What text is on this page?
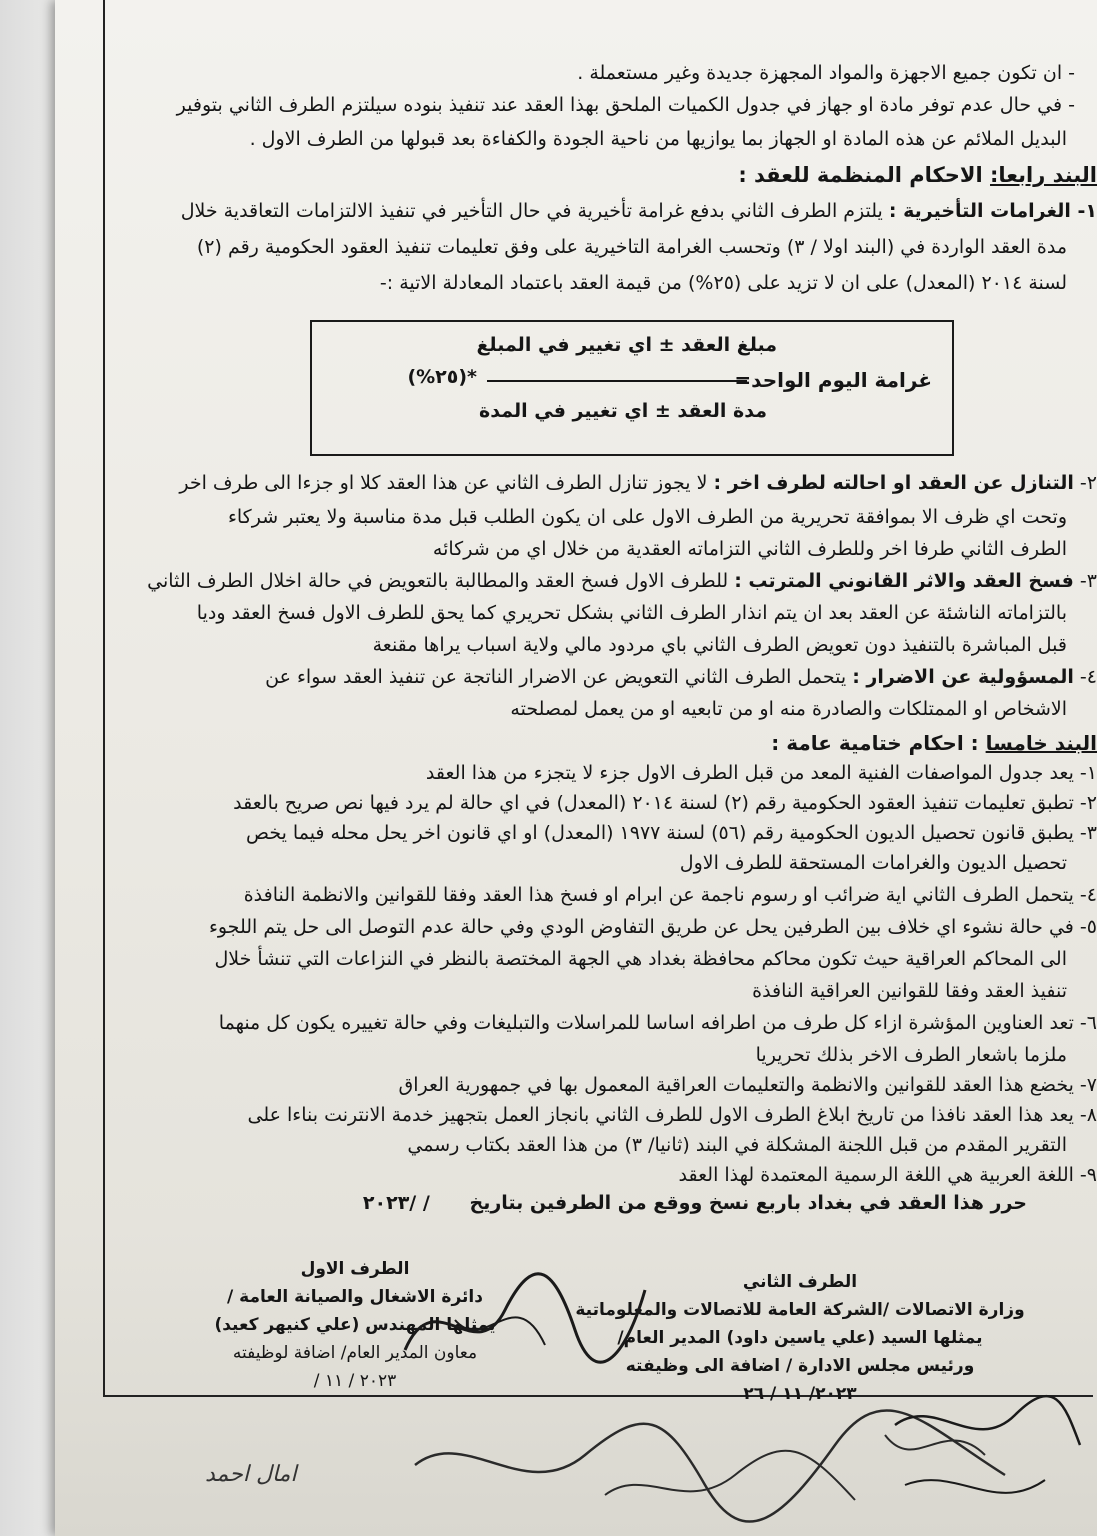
- ان تكون جميع الاجهزة والمواد المجهزة جديدة وغير مستعملة .
- في حال عدم توفر مادة او جهاز في جدول الكميات الملحق بهذا العقد عند تنفيذ بنوده سيلتزم الطرف الثاني بتوفير
البديل الملائم عن هذه المادة او الجهاز بما يوازيها من ناحية الجودة والكفاءة بعد قبولها من الطرف الاول .
البند رابعا: الاحكام المنظمة للعقد :
١- الغرامات التأخيرية : يلتزم الطرف الثاني بدفع غرامة تأخيرية في حال التأخير في تنفيذ الالتزامات التعاقدية خلال
مدة العقد الواردة في (البند اولا / ٣) وتحسب الغرامة التاخيرية على وفق تعليمات تنفيذ العقود الحكومية رقم (٢)
لسنة ٢٠١٤ (المعدل) على ان لا تزيد على (٢٥%) من قيمة العقد باعتماد المعادلة الاتية :-
مبلغ العقد ± اي تغيير في المبلغ
غرامة اليوم الواحد=
*(٢٥%)
مدة العقد ± اي تغيير في المدة
٢- التنازل عن العقد او احالته لطرف اخر : لا يجوز تنازل الطرف الثاني عن هذا العقد كلا او جزءا الى طرف اخر
وتحت اي ظرف الا بموافقة تحريرية من الطرف الاول على ان يكون الطلب قبل مدة مناسبة ولا يعتبر شركاء
الطرف الثاني طرفا اخر وللطرف الثاني التزاماته العقدية من خلال اي من شركائه
٣- فسخ العقد والاثر القانوني المترتب : للطرف الاول فسخ العقد والمطالبة بالتعويض في حالة اخلال الطرف الثاني
بالتزاماته الناشئة عن العقد بعد ان يتم انذار الطرف الثاني بشكل تحريري كما يحق للطرف الاول فسخ العقد وديا
قبل المباشرة بالتنفيذ دون تعويض الطرف الثاني باي مردود مالي ولاية اسباب يراها مقنعة
٤- المسؤولية عن الاضرار : يتحمل الطرف الثاني التعويض عن الاضرار الناتجة عن تنفيذ العقد سواء عن
الاشخاص او الممتلكات والصادرة منه او من تابعيه او من يعمل لمصلحته
البند خامسا : احكام ختامية عامة :
١- يعد جدول المواصفات الفنية المعد من قبل الطرف الاول جزء لا يتجزء من هذا العقد
٢- تطبق تعليمات تنفيذ العقود الحكومية رقم (٢) لسنة ٢٠١٤ (المعدل) في اي حالة لم يرد فيها نص صريح بالعقد
٣- يطبق قانون تحصيل الديون الحكومية رقم (٥٦) لسنة ١٩٧٧ (المعدل) او اي قانون اخر يحل محله فيما يخص
تحصيل الديون والغرامات المستحقة للطرف الاول
٤- يتحمل الطرف الثاني اية ضرائب او رسوم ناجمة عن ابرام او فسخ هذا العقد وفقا للقوانين والانظمة النافذة
٥- في حالة نشوء اي خلاف بين الطرفين يحل عن طريق التفاوض الودي وفي حالة عدم التوصل الى حل يتم اللجوء
الى المحاكم العراقية حيث تكون محاكم محافظة بغداد هي الجهة المختصة بالنظر في النزاعات التي تنشأ خلال
تنفيذ العقد وفقا للقوانين العراقية النافذة
٦- تعد العناوين المؤشرة ازاء كل طرف من اطرافه اساسا للمراسلات والتبليغات وفي حالة تغييره يكون كل منهما
ملزما باشعار الطرف الاخر بذلك تحريريا
٧- يخضع هذا العقد للقوانين والانظمة والتعليمات العراقية المعمول بها في جمهورية العراق
٨- يعد هذا العقد نافذا من تاريخ ابلاغ الطرف الاول للطرف الثاني بانجاز العمل بتجهيز خدمة الانترنت بناءا على
التقرير المقدم من قبل اللجنة المشكلة في البند (ثانيا/ ٣) من هذا العقد بكتاب رسمي
٩- اللغة العربية هي اللغة الرسمية المعتمدة لهذا العقد
حرر هذا العقد في بغداد باربع نسخ ووقع من الطرفين بتاريخ      / /٢٠٢٣
الطرف الاول
دائرة الاشغال والصيانة العامة /
يمثلها المهندس (علي كنيهر كعيد)
معاون المدير العام/ اضافة لوظيفته
٢٠٢٣ / ١١ /
الطرف الثاني
وزارة الاتصالات /الشركة العامة للاتصالات والمعلوماتية
يمثلها السيد (علي ياسين داود) المدير العام/
ورئيس مجلس الادارة / اضافة الى وظيفته
٢٠٢٣/ ١١ / ٢٦
امال احمد
